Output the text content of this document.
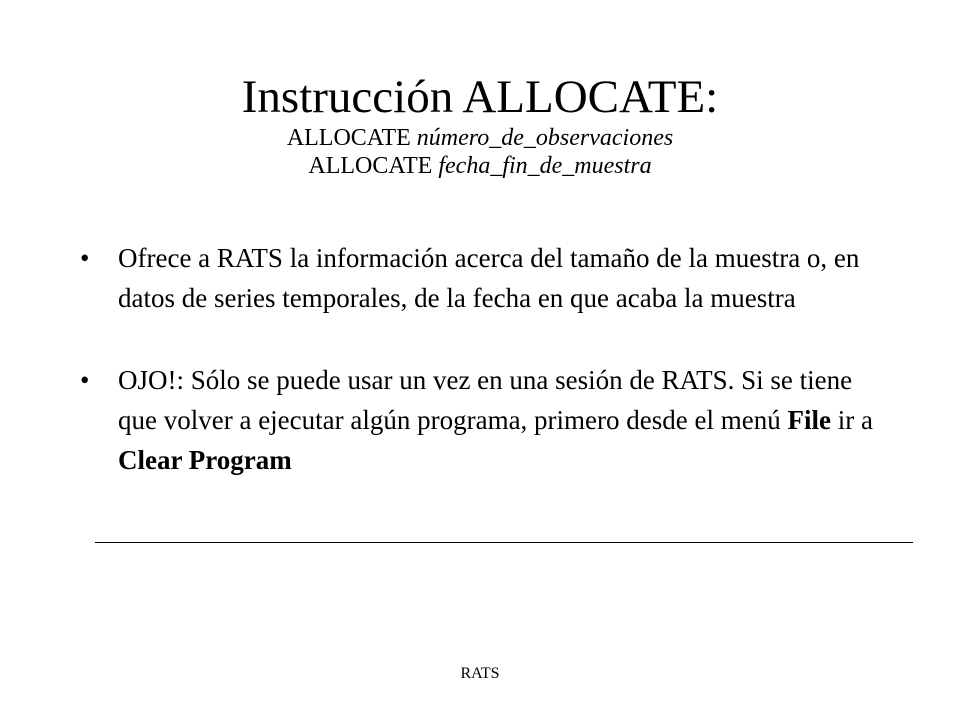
Instrucción ALLOCATE:

ALLOCATE número_de_observaciones

ALLOCATE fecha_fin_de_muestra

• Ofrece a RATS la información acerca del tamaño de la muestra o, en datos de series temporales, de la fecha en que acaba la muestra
• OJO!: Sólo se puede usar un vez en una sesión de RATS. Si se tiene que volver a ejecutar algún programa, primero desde el menú File ir a Clear Program
RATS
